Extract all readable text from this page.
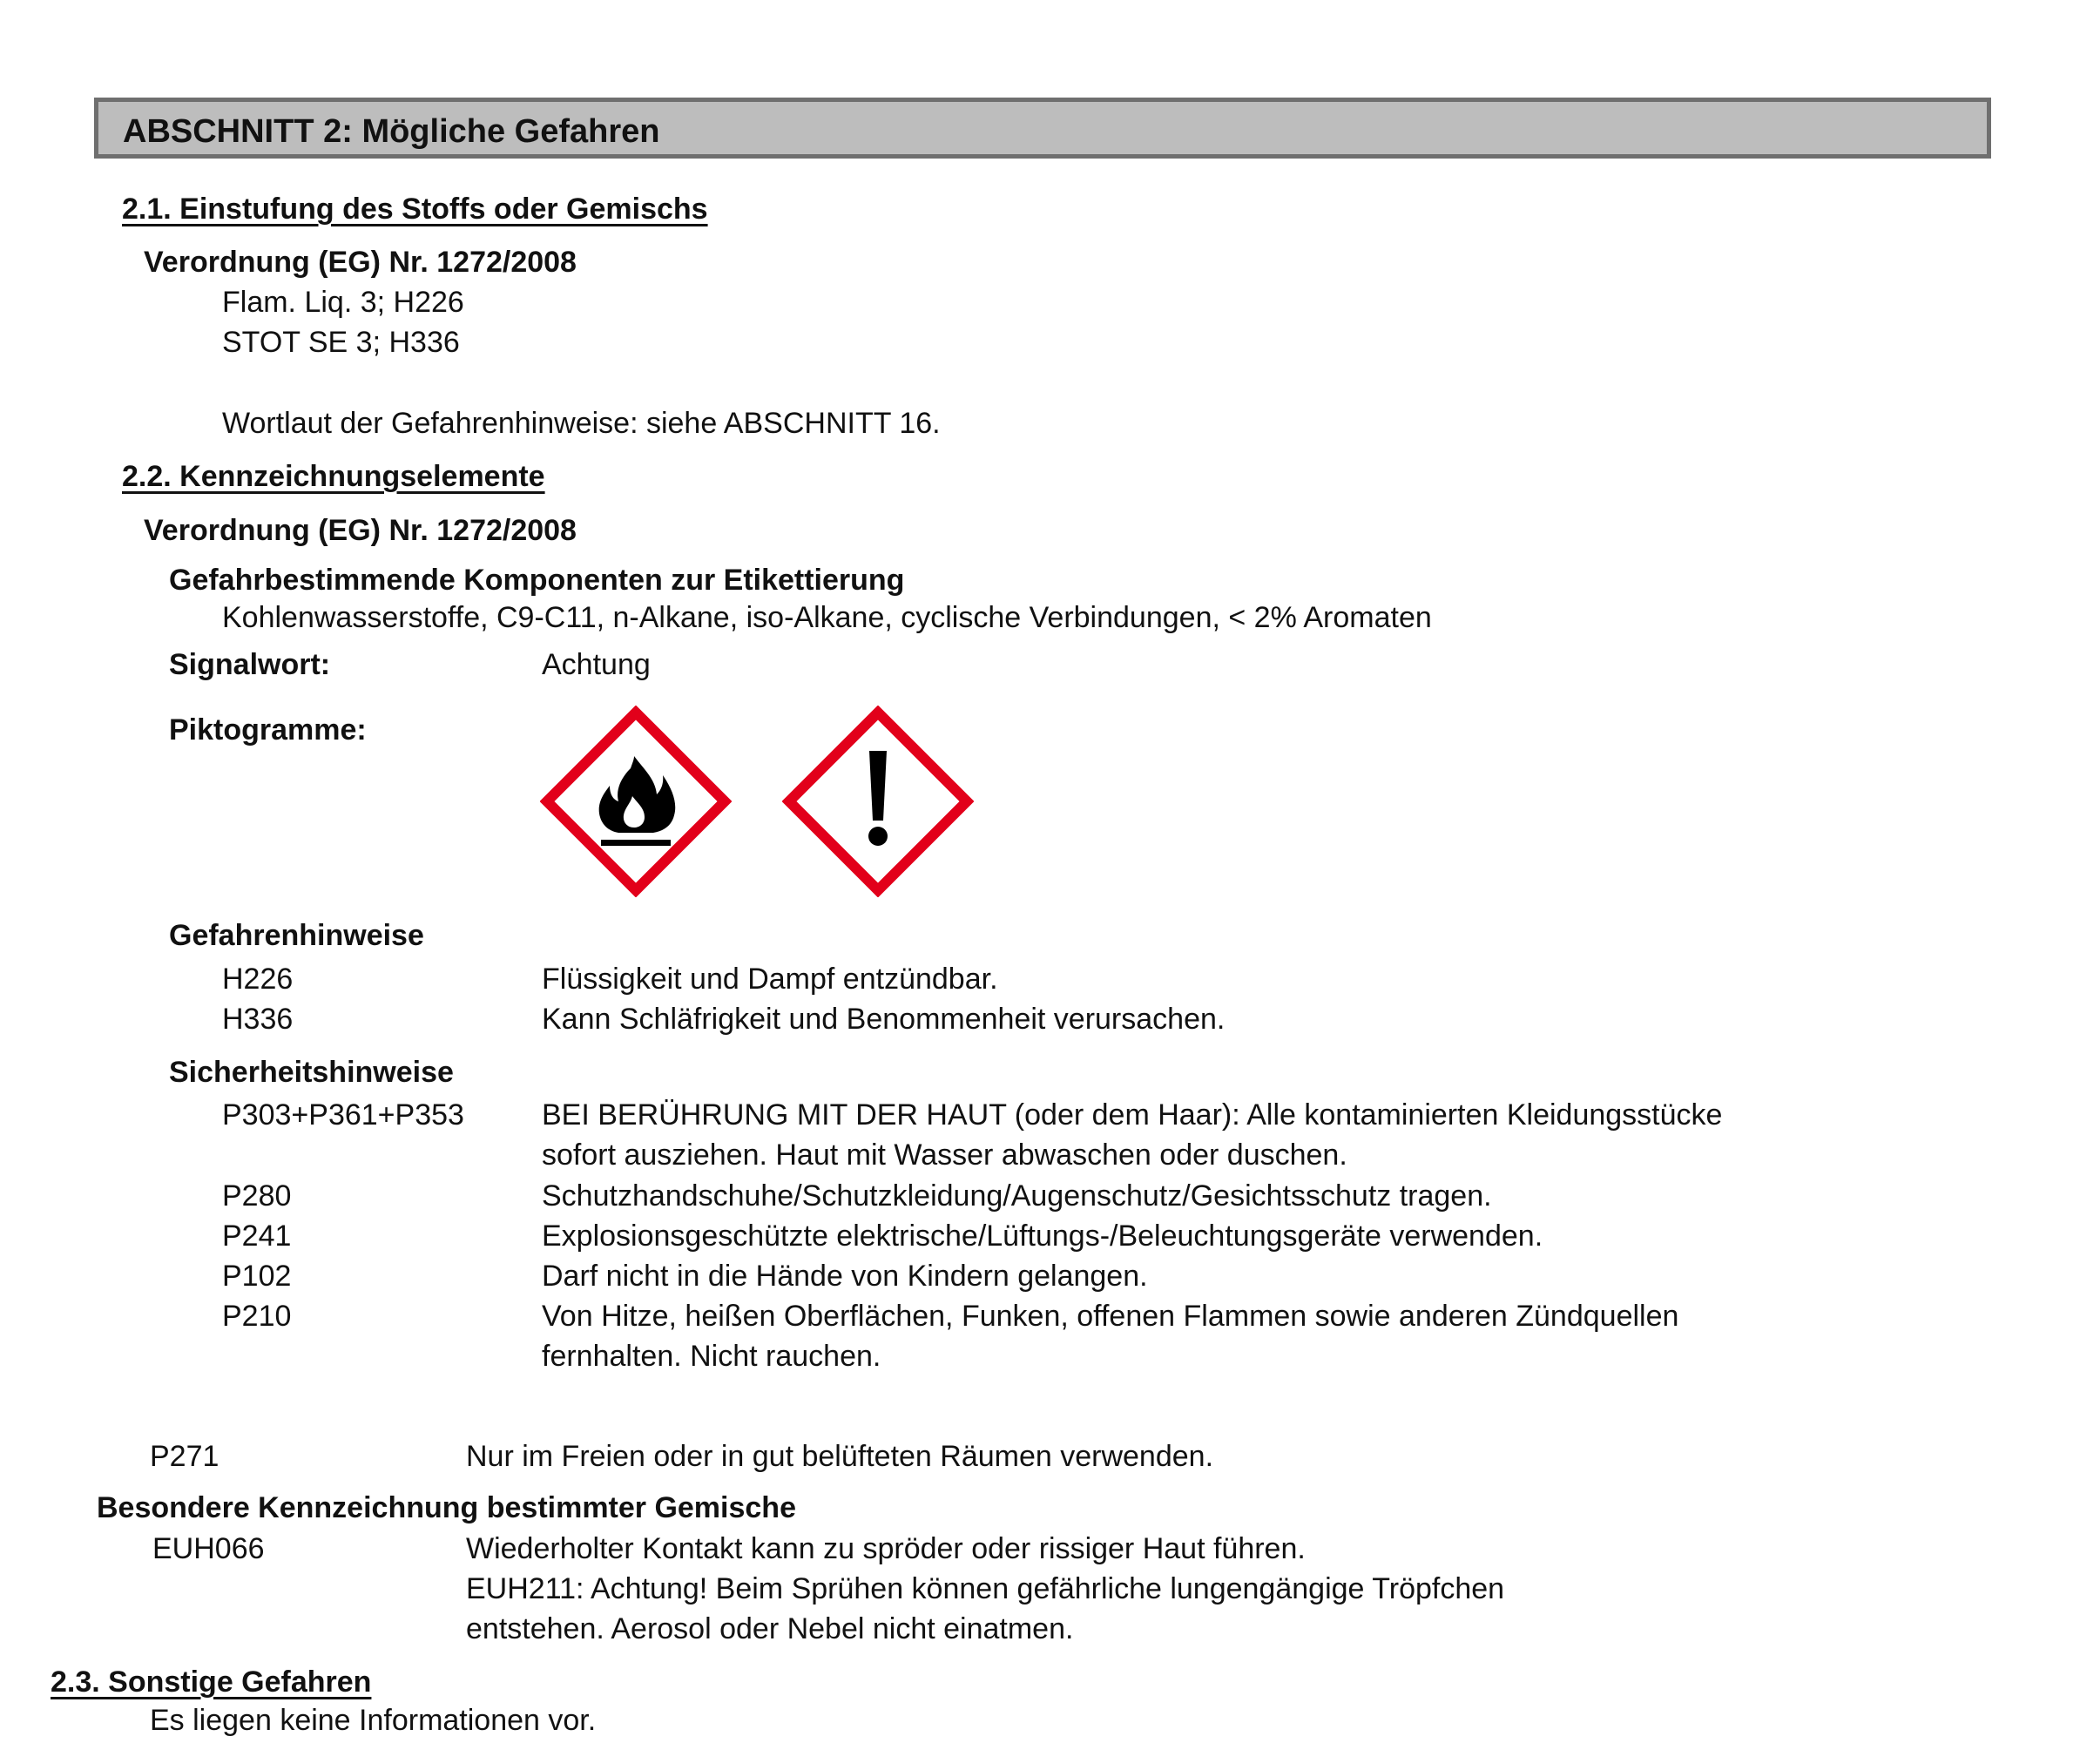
ABSCHNITT 2: Mögliche Gefahren
2.1. Einstufung des Stoffs oder Gemischs
Verordnung (EG) Nr. 1272/2008
Flam. Liq. 3; H226
STOT SE 3; H336
Wortlaut der Gefahrenhinweise: siehe ABSCHNITT 16.
2.2. Kennzeichnungselemente
Verordnung (EG) Nr. 1272/2008
Gefahrbestimmende Komponenten zur Etikettierung
Kohlenwasserstoffe, C9-C11, n-Alkane, iso-Alkane, cyclische Verbindungen, < 2% Aromaten
Signalwort:	Achtung
Piktogramme:
Gefahrenhinweise
H226	Flüssigkeit und Dampf entzündbar.
H336	Kann Schläfrigkeit und Benommenheit verursachen.
Sicherheitshinweise
P303+P361+P353	BEI BERÜHRUNG MIT DER HAUT (oder dem Haar): Alle kontaminierten Kleidungsstücke
sofort ausziehen. Haut mit Wasser abwaschen oder duschen.
P280	Schutzhandschuhe/Schutzkleidung/Augenschutz/Gesichtsschutz tragen.
P241	Explosionsgeschützte elektrische/Lüftungs-/Beleuchtungsgeräte verwenden.
P102	Darf nicht in die Hände von Kindern gelangen.
P210	Von Hitze, heißen Oberflächen, Funken, offenen Flammen sowie anderen Zündquellen
fernhalten. Nicht rauchen.
P271	Nur im Freien oder in gut belüfteten Räumen verwenden.
Besondere Kennzeichnung bestimmter Gemische
EUH066	Wiederholter Kontakt kann zu spröder oder rissiger Haut führen.
EUH211: Achtung! Beim Sprühen können gefährliche lungengängige Tröpfchen
entstehen. Aerosol oder Nebel nicht einatmen.
2.3. Sonstige Gefahren
Es liegen keine Informationen vor.
